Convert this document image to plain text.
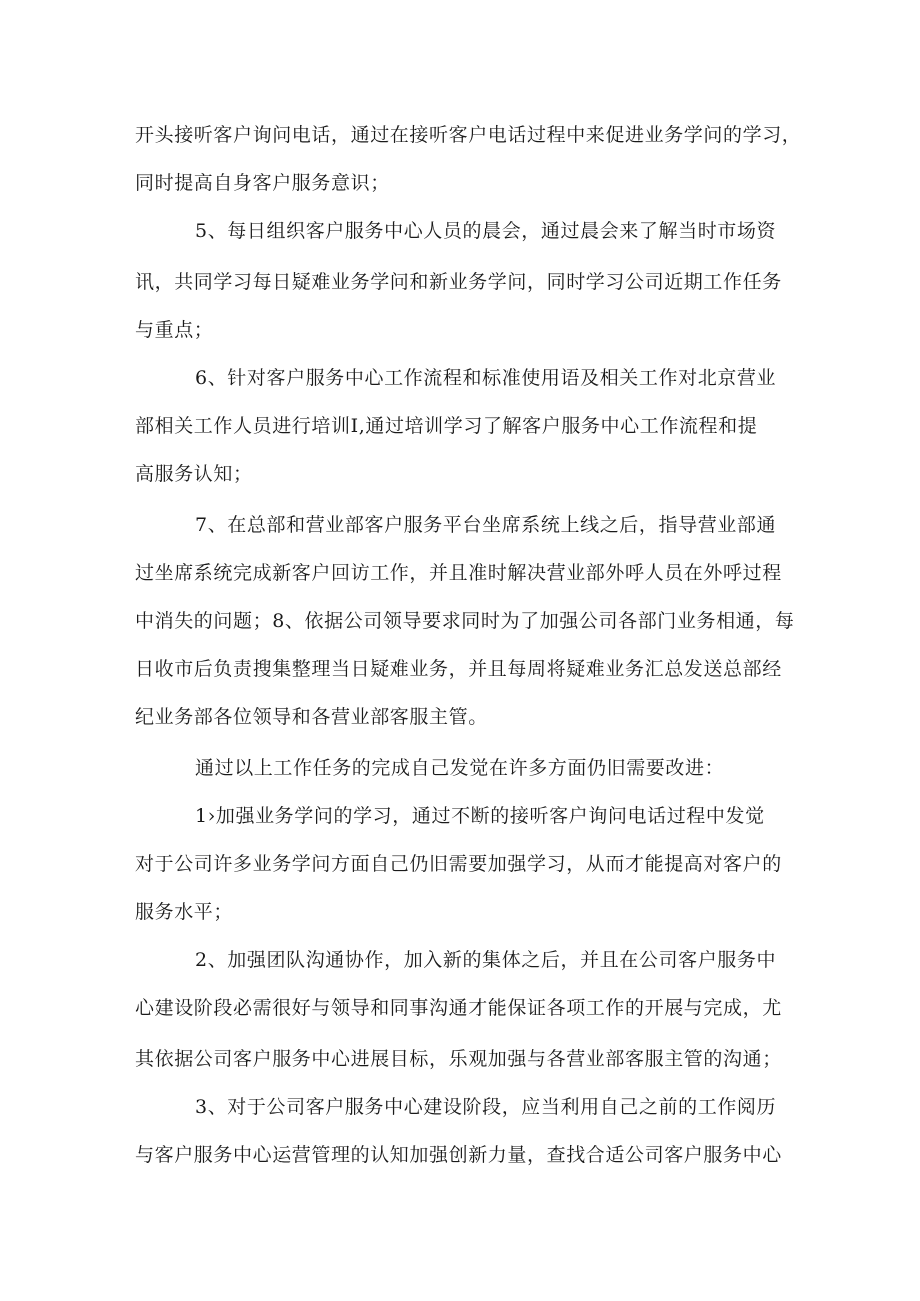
开头接听客户询问电话，通过在接听客户电话过程中来促进业务学问的学习，
同时提高自身客户服务意识；
5、每日组织客户服务中心人员的晨会，通过晨会来了解当时市场资
讯，共同学习每日疑难业务学问和新业务学问，同时学习公司近期工作任务
与重点；
6、针对客户服务中心工作流程和标准使用语及相关工作对北京营业
部相关工作人员进行培训I,通过培训学习了解客户服务中心工作流程和提
高服务认知；
7、在总部和营业部客户服务平台坐席系统上线之后，指导营业部通
过坐席系统完成新客户回访工作，并且准时解决营业部外呼人员在外呼过程
中消失的问题；8、依据公司领导要求同时为了加强公司各部门业务相通，每
日收市后负责搜集整理当日疑难业务，并且每周将疑难业务汇总发送总部经
纪业务部各位领导和各营业部客服主管。
通过以上工作任务的完成自己发觉在许多方面仍旧需要改进：
1›加强业务学问的学习，通过不断的接听客户询问电话过程中发觉
对于公司许多业务学问方面自己仍旧需要加强学习，从而才能提高对客户的
服务水平；
2、加强团队沟通协作，加入新的集体之后，并且在公司客户服务中
心建设阶段必需很好与领导和同事沟通才能保证各项工作的开展与完成，尤
其依据公司客户服务中心进展目标，乐观加强与各营业部客服主管的沟通；
3、对于公司客户服务中心建设阶段，应当利用自己之前的工作阅历
与客户服务中心运营管理的认知加强创新力量，查找合适公司客户服务中心
